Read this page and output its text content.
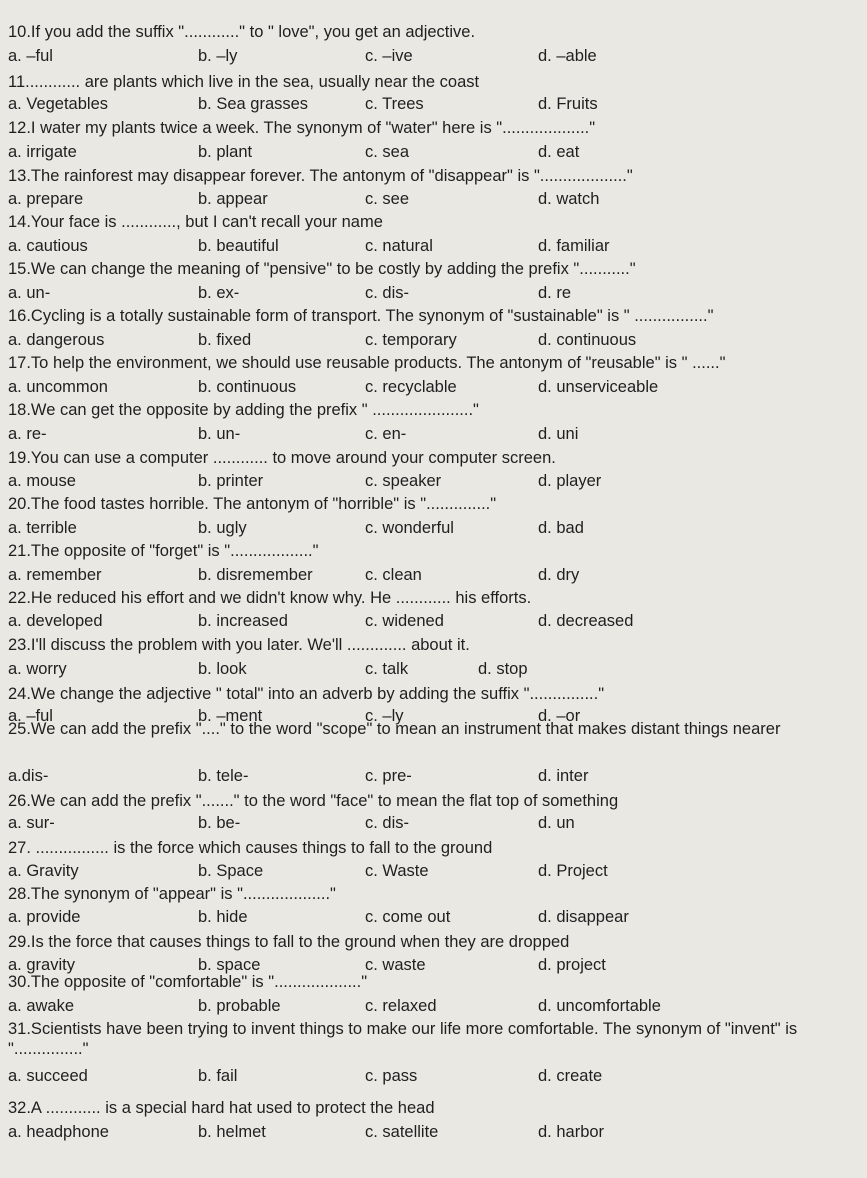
10.If you add the suffix "............" to " love", you get an adjective.
a. –ful	b. –ly	c. –ive	d. –able
11............ are plants which live in the sea, usually near the coast
a. Vegetables	b. Sea grasses	c. Trees	d. Fruits
12.I water my plants twice a week. The synonym of "water" here is "..................."
a. irrigate	b. plant	c. sea	d. eat
13.The rainforest may disappear forever. The antonym of "disappear" is "..................."
a. prepare	b. appear	c. see	d. watch
14.Your face is ............, but I can't recall your name
a. cautious	b. beautiful	c. natural	d. familiar
15.We can change the meaning of "pensive" to be costly by adding the prefix "..........."
a. un-	b. ex-	c. dis-	d. re
16.Cycling is a totally sustainable form of transport. The synonym of "sustainable" is " ................"
a. dangerous	b. fixed	c. temporary	d. continuous
17.To help the environment, we should use reusable products. The antonym of "reusable" is " ......"
a. uncommon	b. continuous	c. recyclable	d. unserviceable
18.We can get the opposite by adding the prefix " ......................"
a. re-	b. un-	c. en-	d. uni
19.You can use a computer ............ to move around your computer screen.
a. mouse	b. printer	c. speaker	d. player
20.The food tastes horrible. The antonym of "horrible" is ".............."
a. terrible	b. ugly	c. wonderful	d. bad
21.The opposite of "forget" is ".................."
a. remember	b. disremember	c. clean	d. dry
22.He reduced his effort and we didn't know why. He ............ his efforts.
a. developed	b. increased	c. widened	d. decreased
23.I'll discuss the problem with you later. We'll ............. about it.
a. worry	b. look	c. talk	d. stop
24.We change the adjective " total" into an adverb by adding the suffix "..............."
a. –ful	b. –ment	c. –ly	d. –or
25.We can add the prefix "...." to the word "scope" to mean an instrument that makes distant things nearer
a.dis-	b. tele-	c. pre-	d. inter
26.We can add the prefix "......." to the word "face" to mean the flat top of something
a. sur-	b. be-	c. dis-	d. un
27. ................ is the force which causes things to fall to the ground
a. Gravity	b. Space	c. Waste	d. Project
28.The synonym of "appear" is "..................."
a. provide	b. hide	c. come out	d. disappear
29.Is the force that causes things to fall to the ground when they are dropped
a. gravity	b. space	c. waste	d. project
30.The opposite of "comfortable" is "..................."
a. awake	b. probable	c. relaxed	d. uncomfortable
31.Scientists have been trying to invent things to make our life more comfortable. The synonym of "invent" is "..............."
a. succeed	b. fail	c. pass	d. create
32.A ............ is a special hard hat used to protect the head
a. headphone	b. helmet	c. satellite	d. harbor
